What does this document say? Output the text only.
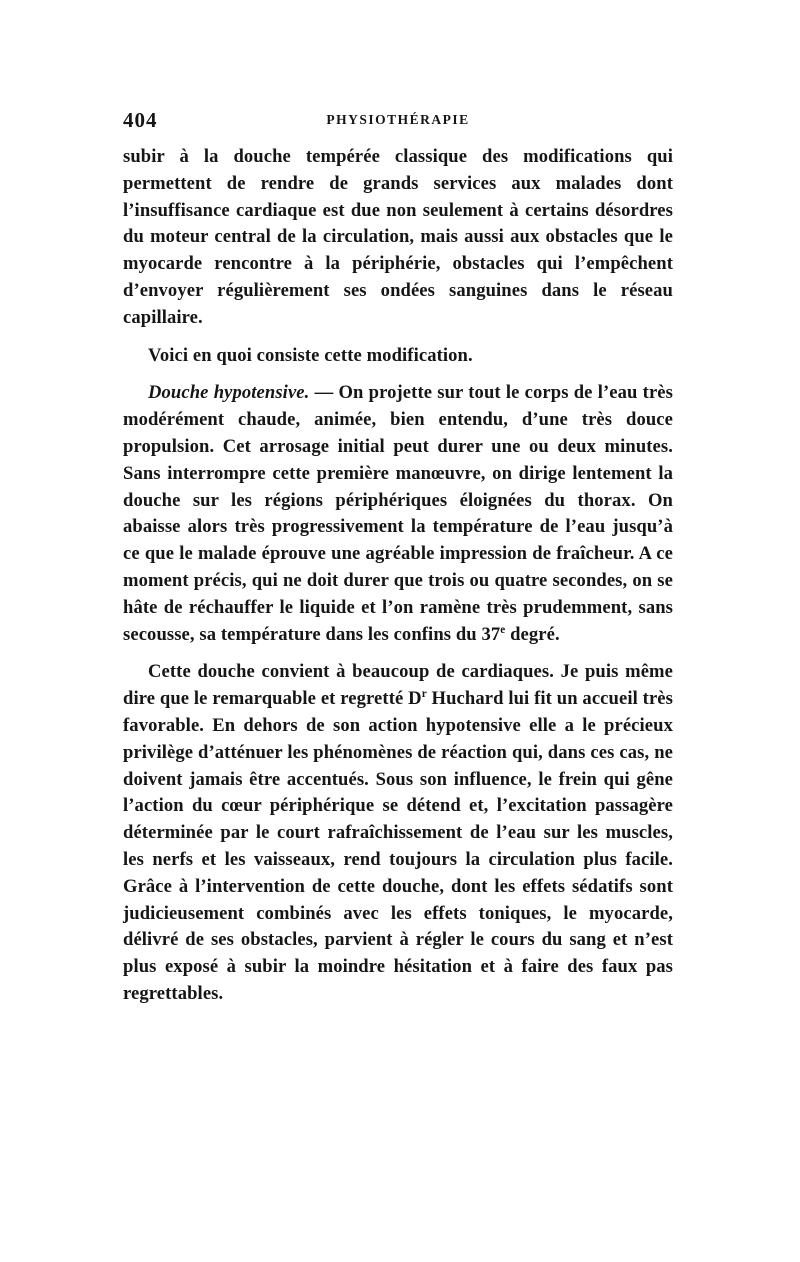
404	PHYSIOTHÉRAPIE

subir à la douche tempérée classique des modifications qui permettent de rendre de grands services aux malades dont l’insuffisance cardiaque est due non seulement à certains désordres du moteur central de la circulation, mais aussi aux obstacles que le myocarde rencontre à la périphérie, obstacles qui l’empêchent d’envoyer régulièrement ses ondées sanguines dans le réseau capillaire.

Voici en quoi consiste cette modification.

Douche hypotensive. — On projette sur tout le corps de l’eau très modérément chaude, animée, bien entendu, d’une très douce propulsion. Cet arrosage initial peut durer une ou deux minutes. Sans interrompre cette première manœuvre, on dirige lentement la douche sur les régions périphériques éloignées du thorax. On abaisse alors très progressivement la température de l’eau jusqu’à ce que le malade éprouve une agréable impression de fraîcheur. A ce moment précis, qui ne doit durer que trois ou quatre secondes, on se hâte de réchauffer le liquide et l’on ramène très prudemment, sans secousse, sa température dans les confins du 37e degré.

Cette douche convient à beaucoup de cardiaques. Je puis même dire que le remarquable et regretté $D^r$ Huchard lui fit un accueil très favorable. En dehors de son action hypotensive elle a le précieux privilège d’atténuer les phénomènes de réaction qui, dans ces cas, ne doivent jamais être accentués. Sous son influence, le frein qui gêne l’action du cœur périphérique se détend et, l’excitation passagère déterminée par le court rafraîchissement de l’eau sur les muscles, les nerfs et les vaisseaux, rend toujours la circulation plus facile. Grâce à l’intervention de cette douche, dont les effets sédatifs sont judicieusement combinés avec les effets toniques, le myocarde, délivré de ses obstacles, parvient à régler le cours du sang et n’est plus exposé à subir la moindre hésitation et à faire des faux pas regrettables.
